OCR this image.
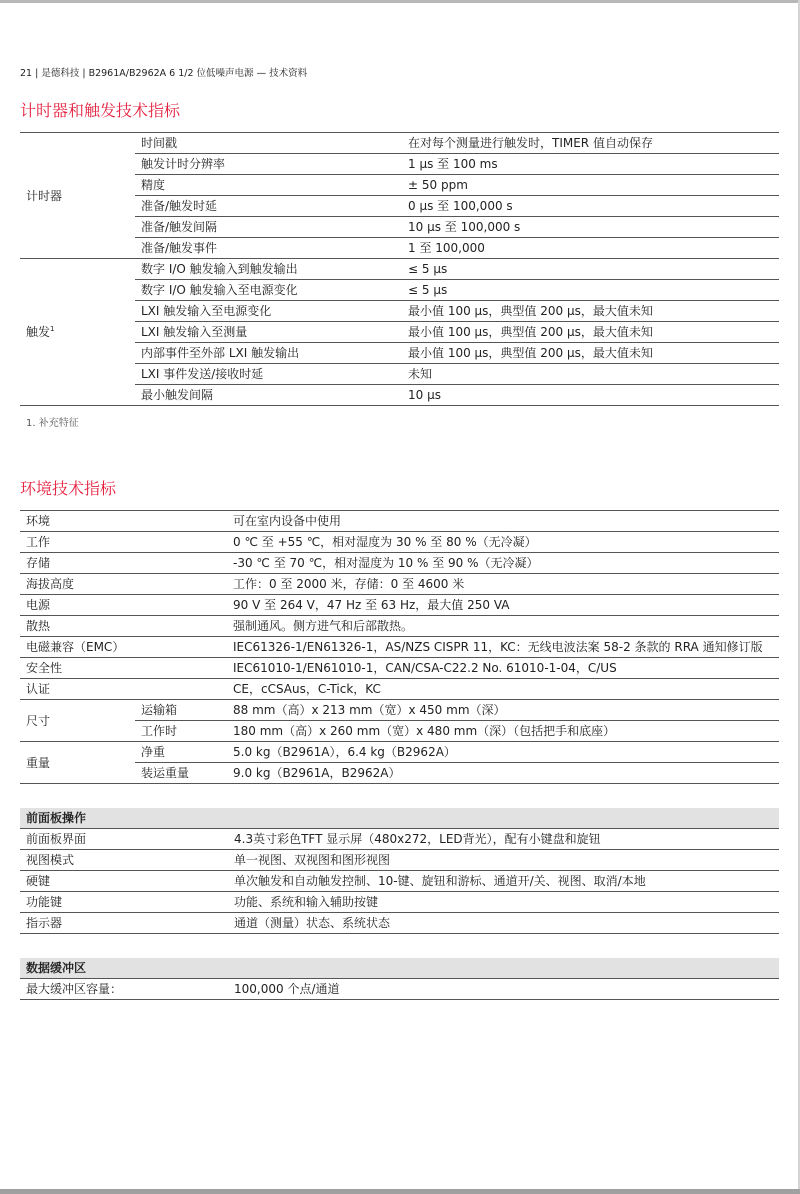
21 | 是德科技 | B2961A/B2962A 6 1/2 位低噪声电源 — 技术资料
计时器和触发技术指标
计时器	时间戳	在对每个测量进行触发时，TIMER 值自动保存
	触发计时分辨率	1 µs 至 100 ms
	精度	± 50 ppm
	准备/触发时延	0 µs 至 100,000 s
	准备/触发间隔	10 µs 至 100,000 s
	准备/触发事件	1 至 100,000
触发$^1$	数字 I/O 触发输入到触发输出	≤ 5 µs
	数字 I/O 触发输入至电源变化	≤ 5 µs
	LXI 触发输入至电源变化	最小值 100 µs，典型值 200 µs，最大值未知
	LXI 触发输入至测量	最小值 100 µs，典型值 200 µs，最大值未知
	内部事件至外部 LXI 触发输出	最小值 100 µs，典型值 200 µs，最大值未知
	LXI 事件发送/接收时延	未知
	最小触发间隔	10 µs
1. 补充特征
环境技术指标
环境		可在室内设备中使用
工作		0 ℃ 至 +55 ℃，相对湿度为 30 % 至 80 %（无冷凝）
存储		-30 ℃ 至 70 ℃，相对湿度为 10 % 至 90 %（无冷凝）
海拔高度		工作：0 至 2000 米，存储：0 至 4600 米
电源		90 V 至 264 V，47 Hz 至 63 Hz，最大值 250 VA
散热		强制通风。侧方进气和后部散热。
电磁兼容（EMC）		IEC61326-1/EN61326-1，AS/NZS CISPR 11，KC：无线电波法案 58-2 条款的 RRA 通知修订版
安全性		IEC61010-1/EN61010-1，CAN/CSA-C22.2 No. 61010-1-04，C/US
认证		CE，cCSAus，C-Tick，KC
尺寸	运输箱	88 mm（高）x 213 mm（宽）x 450 mm（深）
	工作时	180 mm（高）x 260 mm（宽）x 480 mm（深）（包括把手和底座）
重量	净重	5.0 kg（B2961A），6.4 kg（B2962A）
	装运重量	9.0 kg（B2961A，B2962A）
前面板操作	
前面板界面	4.3英寸彩色TFT 显示屏（480x272，LED背光），配有小键盘和旋钮
视图模式	单一视图、双视图和图形视图
硬键	单次触发和自动触发控制、10-键、旋钮和游标、通道开/关、视图、取消/本地
功能键	功能、系统和输入辅助按键
指示器	通道（测量）状态、系统状态
数据缓冲区
最大缓冲区容量：	100,000 个点/通道
